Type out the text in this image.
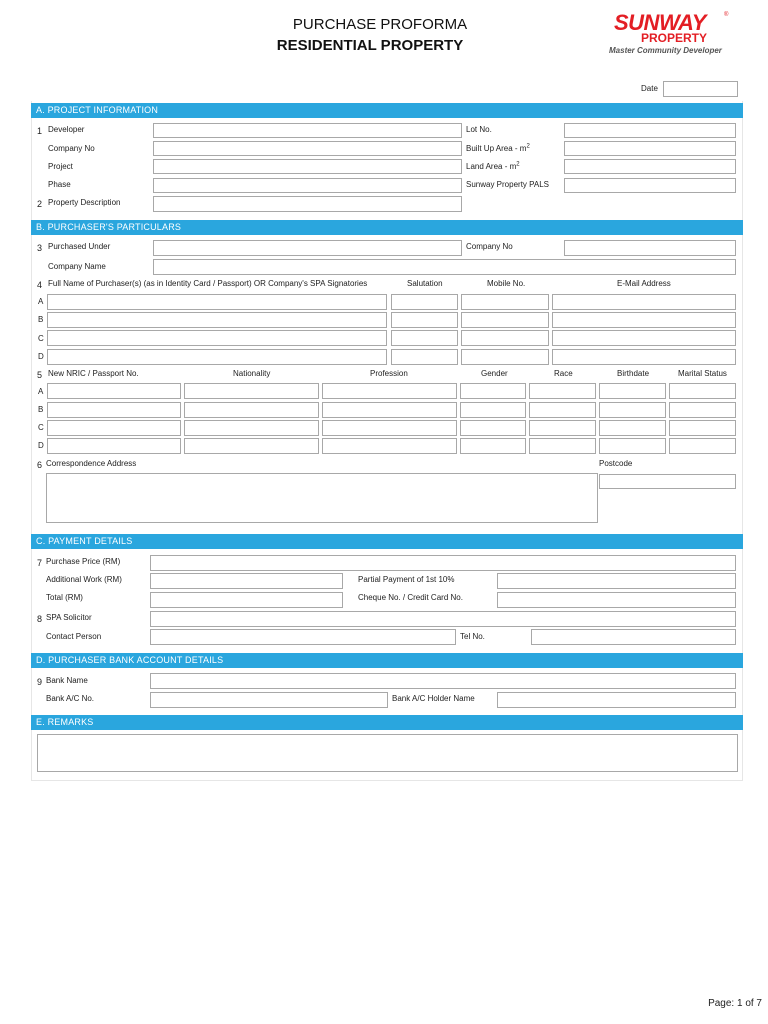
PURCHASE PROFORMA
RESIDENTIAL PROPERTY
SUNWAY	®
PROPERTY
Master Community Developer
Date
A. PROJECT INFORMATION
1 Developer	Lot No.
Company No	Built Up Area - $m^2$
Project	Land Area - $m^2$
Phase	Sunway Property PALS
2 Property Description
B. PURCHASER'S PARTICULARS
3 Purchased Under	Company No
Company Name
4 Full Name of Purchaser(s) (as in Identity Card / Passport) OR Company's SPA Signatories	Salutation	Mobile No.	E-Mail Address
A
B
C
D
5 New NRIC / Passport No.	Nationality	Profession	Gender	Race	Birthdate	Marital Status
A
B
C
D
6 Correspondence Address	Postcode
C. PAYMENT DETAILS
7 Purchase Price (RM)
Additional Work (RM)	Partial Payment of 1st 10%
Total (RM)	Cheque No. / Credit Card No.
8 SPA Solicitor
Contact Person	Tel No.
D. PURCHASER BANK ACCOUNT DETAILS
9 Bank Name
Bank A/C No.	Bank A/C Holder Name
E. REMARKS
Page: 1 of 7
